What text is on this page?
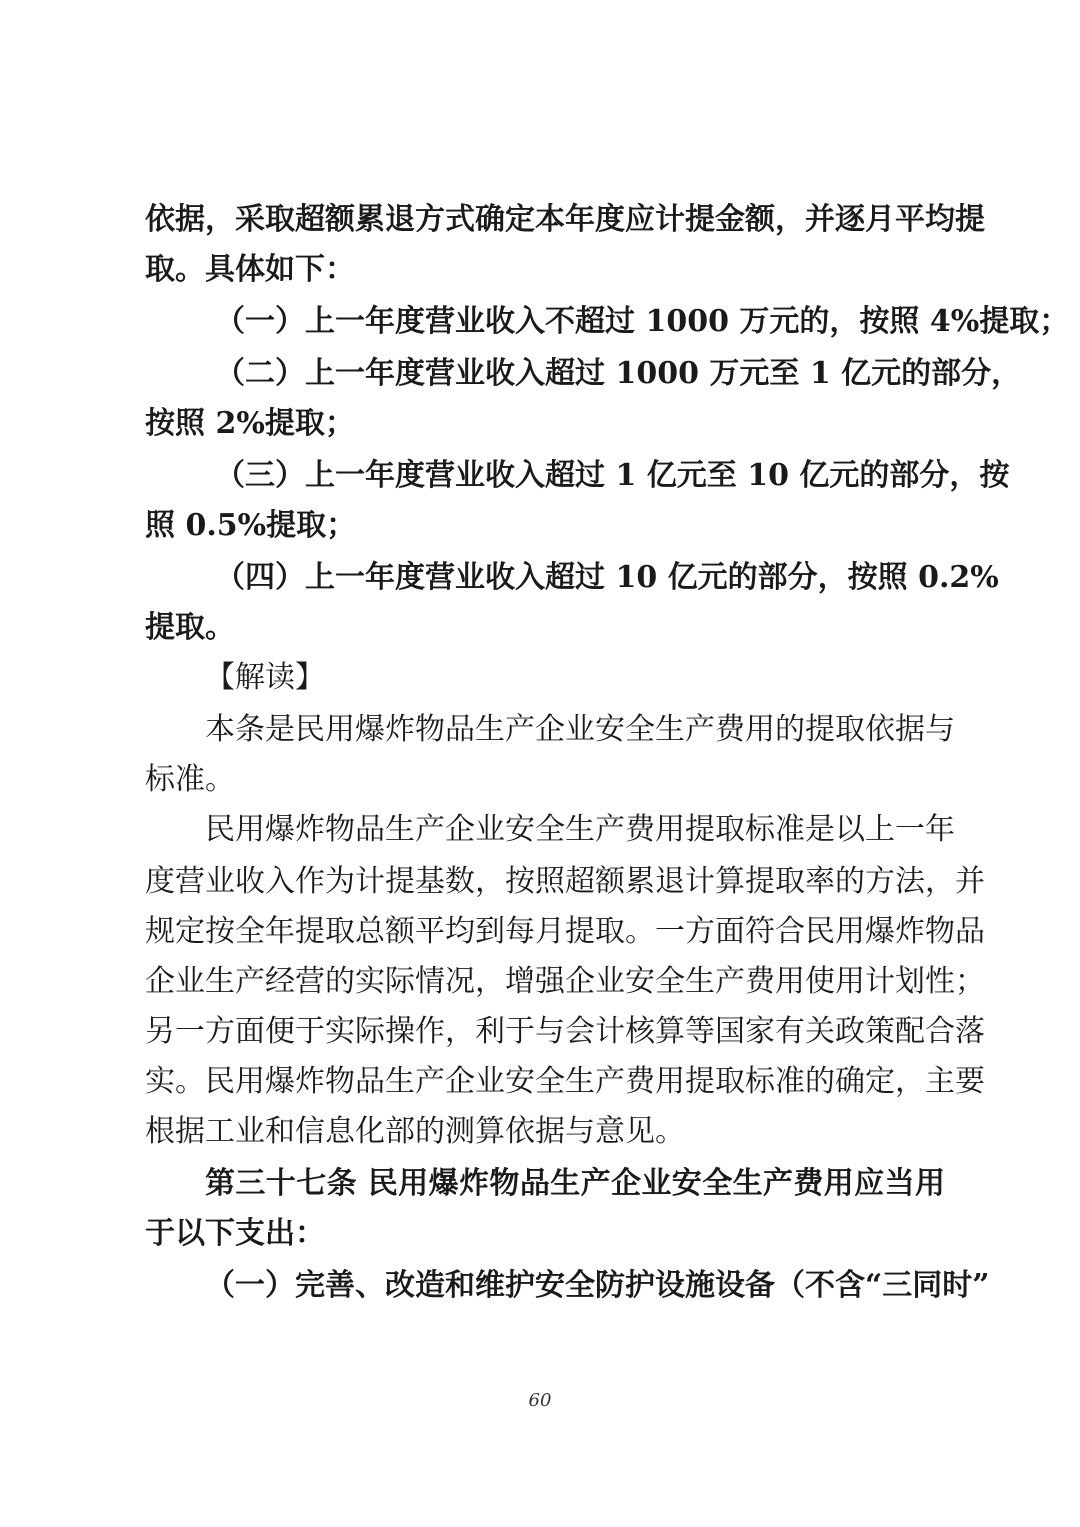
依据，采取超额累退方式确定本年度应计提金额，并逐月平均提
取。具体如下：
（一）上一年度营业收入不超过 1000 万元的，按照 4%提取；
（二）上一年度营业收入超过 1000 万元至 1 亿元的部分，
按照 2%提取；
（三）上一年度营业收入超过 1 亿元至 10 亿元的部分，按
照 0.5%提取；
（四）上一年度营业收入超过 10 亿元的部分，按照 0.2%
提取。
【解读】
本条是民用爆炸物品生产企业安全生产费用的提取依据与
标准。
民用爆炸物品生产企业安全生产费用提取标准是以上一年
度营业收入作为计提基数，按照超额累退计算提取率的方法，并
规定按全年提取总额平均到每月提取。一方面符合民用爆炸物品
企业生产经营的实际情况，增强企业安全生产费用使用计划性；
另一方面便于实际操作，利于与会计核算等国家有关政策配合落
实。民用爆炸物品生产企业安全生产费用提取标准的确定，主要
根据工业和信息化部的测算依据与意见。
第三十七条 民用爆炸物品生产企业安全生产费用应当用
于以下支出：
（一）完善、改造和维护安全防护设施设备（不含“三同时”
60
